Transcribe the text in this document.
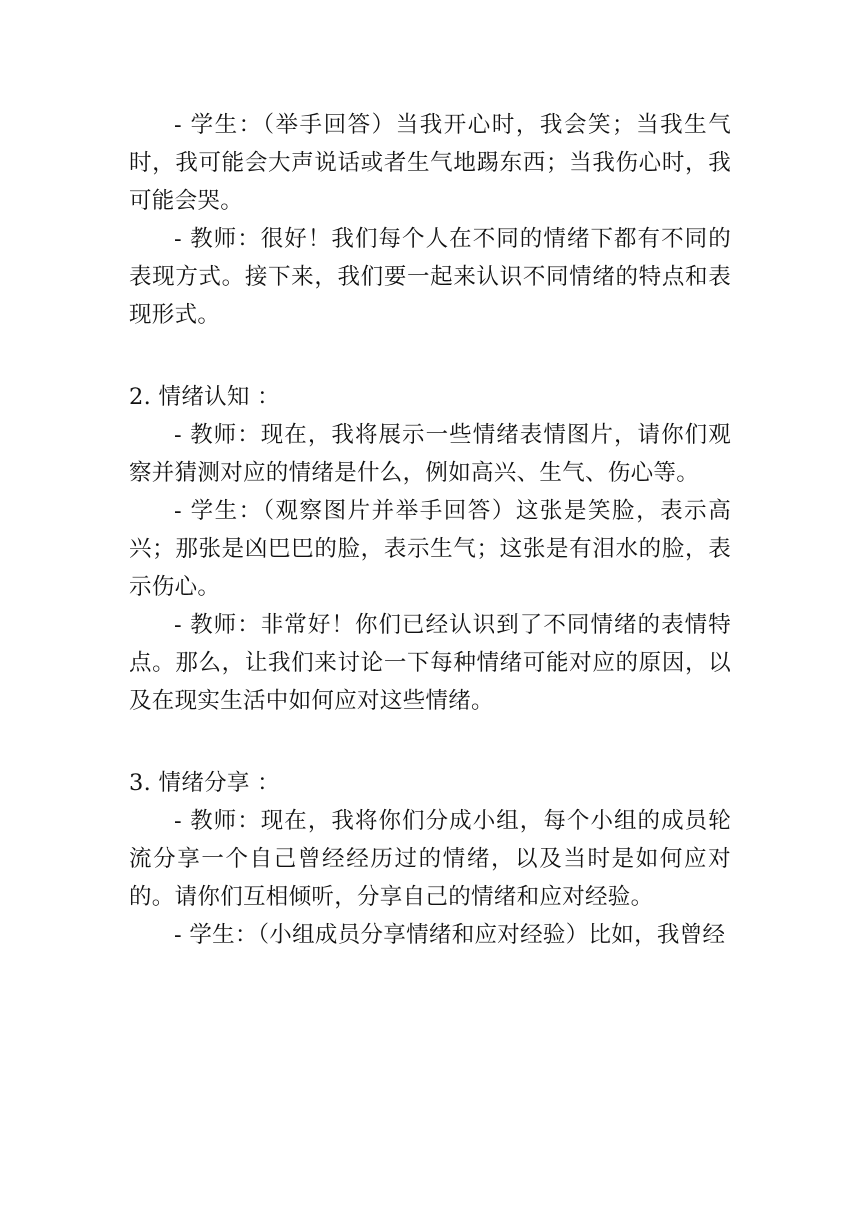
- 学生：（举手回答）当我开心时，我会笑；当我生气时，我可能会大声说话或者生气地踢东西；当我伤心时，我可能会哭。

- 教师：很好！我们每个人在不同的情绪下都有不同的表现方式。接下来，我们要一起来认识不同情绪的特点和表现形式。

2. 情绪认知 ：

- 教师：现在，我将展示一些情绪表情图片，请你们观察并猜测对应的情绪是什么，例如高兴、生气、伤心等。

- 学生：（观察图片并举手回答）这张是笑脸，表示高兴；那张是凶巴巴的脸，表示生气；这张是有泪水的脸，表示伤心。

- 教师：非常好！你们已经认识到了不同情绪的表情特点。那么，让我们来讨论一下每种情绪可能对应的原因，以及在现实生活中如何应对这些情绪。

3. 情绪分享 ：

- 教师：现在，我将你们分成小组，每个小组的成员轮流分享一个自己曾经经历过的情绪，以及当时是如何应对的。请你们互相倾听，分享自己的情绪和应对经验。

- 学生：（小组成员分享情绪和应对经验）比如，我曾经
